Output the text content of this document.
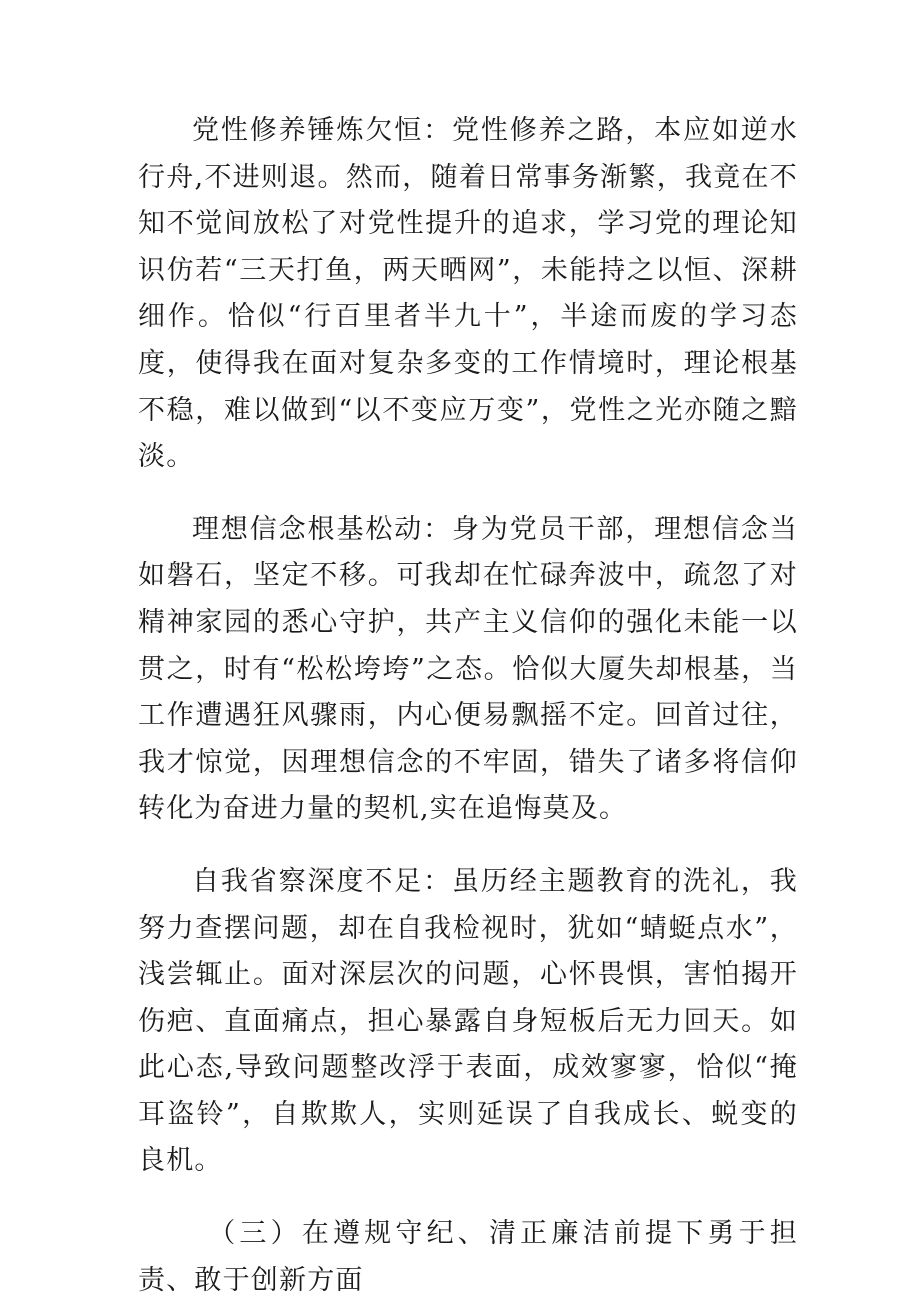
党性修养锤炼欠恒：党性修养之路，本应如逆水行舟,不进则退。然而，随着日常事务渐繁，我竟在不知不觉间放松了对党性提升的追求，学习党的理论知识仿若“三天打鱼，两天晒网”，未能持之以恒、深耕细作。恰似“行百里者半九十”，半途而废的学习态度，使得我在面对复杂多变的工作情境时，理论根基不稳，难以做到“以不变应万变”，党性之光亦随之黯淡。

理想信念根基松动：身为党员干部，理想信念当如磐石，坚定不移。可我却在忙碌奔波中，疏忽了对精神家园的悉心守护，共产主义信仰的强化未能一以贯之，时有“松松垮垮”之态。恰似大厦失却根基，当工作遭遇狂风骤雨，内心便易飘摇不定。回首过往，我才惊觉，因理想信念的不牢固，错失了诸多将信仰转化为奋进力量的契机,实在追悔莫及。

自我省察深度不足：虽历经主题教育的洗礼，我努力查摆问题，却在自我检视时，犹如“蜻蜓点水”，浅尝辄止。面对深层次的问题，心怀畏惧，害怕揭开伤疤、直面痛点，担心暴露自身短板后无力回天。如此心态,导致问题整改浮于表面，成效寥寥，恰似“掩耳盗铃”，自欺欺人，实则延误了自我成长、蜕变的良机。

（三）在遵规守纪、清正廉洁前提下勇于担责、敢于创新方面
